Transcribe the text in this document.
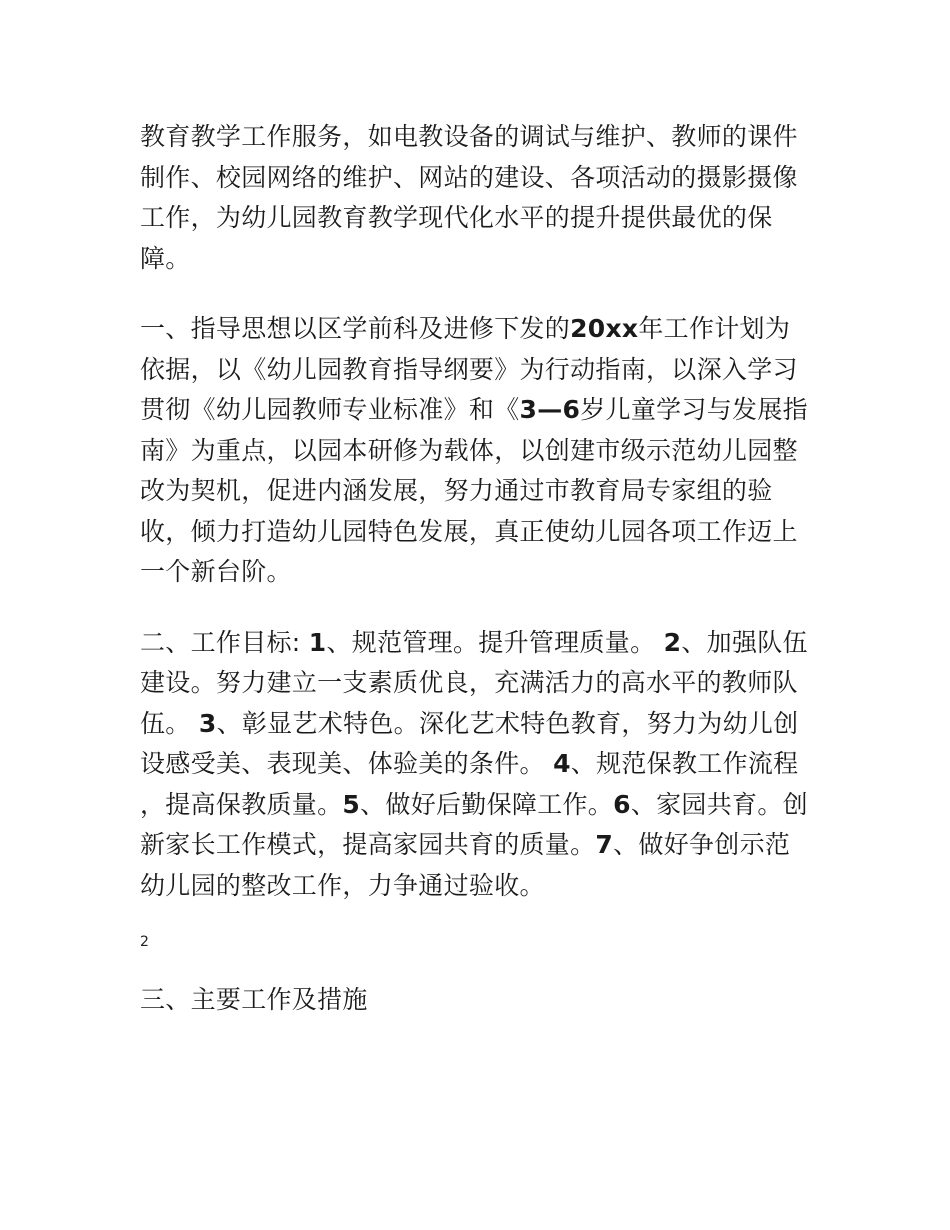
教育教学工作服务，如电教设备的调试与维护、教师的课件制作、校园网络的维护、网站的建设、各项活动的摄影摄像工作，为幼儿园教育教学现代化水平的提升提供最优的保障。

一、指导思想以区学前科及进修下发的20xx年工作计划为依据，以《幼儿园教育指导纲要》为行动指南，以深入学习贯彻《幼儿园教师专业标准》和《3—6岁儿童学习与发展指南》为重点，以园本研修为载体，以创建市级示范幼儿园整改为契机，促进内涵发展，努力通过市教育局专家组的验收，倾力打造幼儿园特色发展，真正使幼儿园各项工作迈上一个新台阶。

二、工作目标: 1、规范管理。提升管理质量。 2、加强队伍建设。努力建立一支素质优良，充满活力的高水平的教师队伍。 3、彰显艺术特色。深化艺术特色教育，努力为幼儿创设感受美、表现美、体验美的条件。 4、规范保教工作流程 ，提高保教质量。5、做好后勤保障工作。6、家园共育。创新家长工作模式，提高家园共育的质量。7、做好争创示范幼儿园的整改工作，力争通过验收。

2

三、主要工作及措施
